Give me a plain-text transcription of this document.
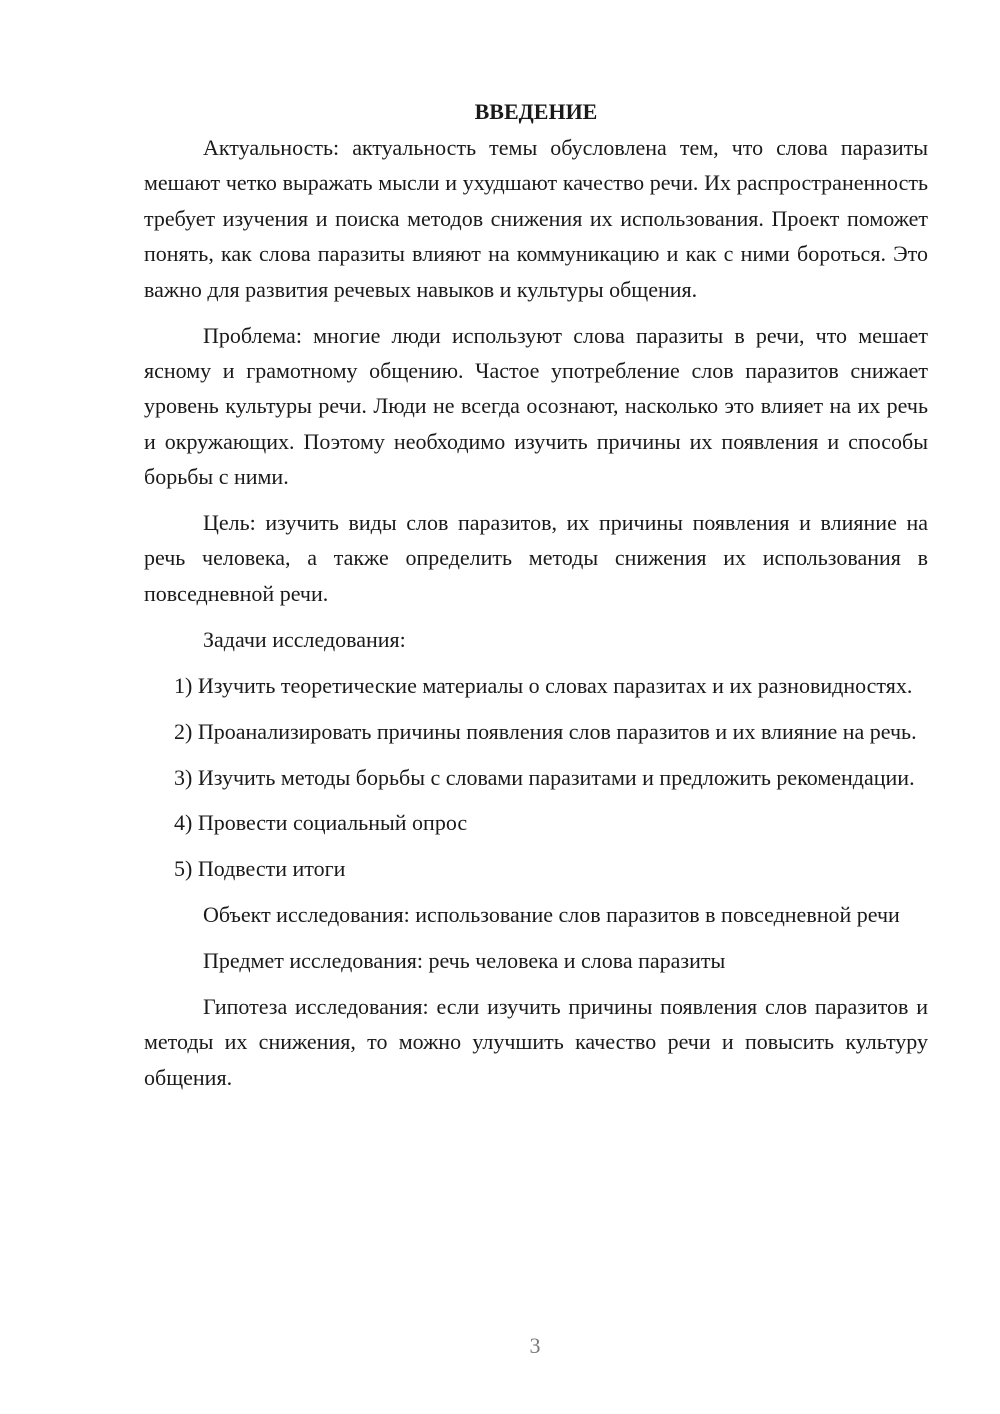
ВВЕДЕНИЕ

Актуальность: актуальность темы обусловлена тем, что слова паразиты мешают четко выражать мысли и ухудшают качество речи. Их распространенность требует изучения и поиска методов снижения их использования. Проект поможет понять, как слова паразиты влияют на коммуникацию и как с ними бороться. Это важно для развития речевых навыков и культуры общения.

Проблема: многие люди используют слова паразиты в речи, что мешает ясному и грамотному общению. Частое употребление слов паразитов снижает уровень культуры речи. Люди не всегда осознают, насколько это влияет на их речь и окружающих. Поэтому необходимо изучить причины их появления и способы борьбы с ними.

Цель: изучить виды слов паразитов, их причины появления и влияние на речь человека, а также определить методы снижения их использования в повседневной речи.

Задачи исследования:

1) Изучить теоретические материалы о словах паразитах и их разновидностях.

2) Проанализировать причины появления слов паразитов и их влияние на речь.

3) Изучить методы борьбы с словами паразитами и предложить рекомендации.

4) Провести социальный опрос

5) Подвести итоги

Объект исследования: использование слов паразитов в повседневной речи

Предмет исследования: речь человека и слова паразиты

Гипотеза исследования: если изучить причины появления слов паразитов и методы их снижения, то можно улучшить качество речи и повысить культуру общения.

3
